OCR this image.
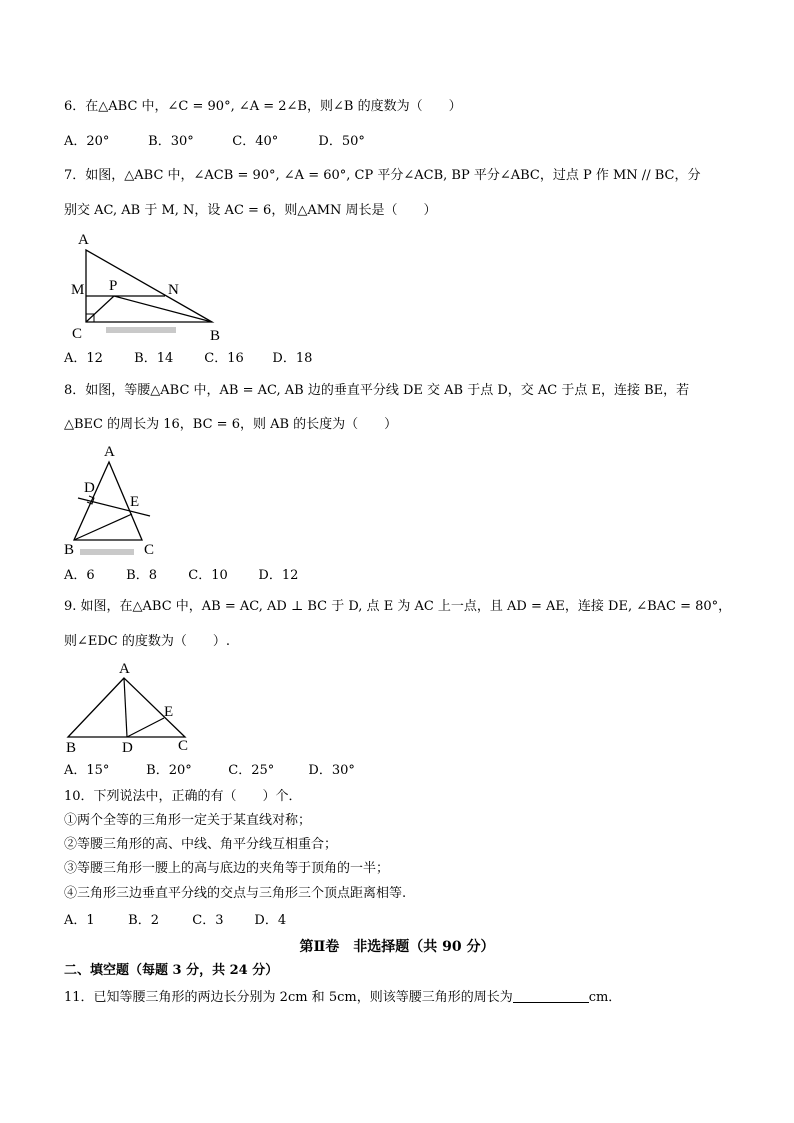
6．在△ABC 中，∠C = 90°, ∠A = 2∠B，则∠B 的度数为（　　）
A．20°	B．30°	C．40°	D．50°
7．如图，△ABC 中，∠ACB = 90°, ∠A = 60°, CP 平分∠ACB, BP 平分∠ABC，过点 P 作 MN // BC，分
别交 AC, AB 于 M, N，设 AC = 6，则△AMN 周长是（　　）
A
M P	N
C	B
A．12 B．14 C．16 D．18
8．如图，等腰△ABC 中，AB = AC, AB 边的垂直平分线 DE 交 AB 于点 D，交 AC 于点 E，连接 BE，若
△BEC 的周长为 16，BC = 6，则 AB 的长度为（　　）
A
D
E
B	C
A．6 B．8 C．10 D．12
9. 如图，在△ABC 中，AB = AC, AD ⊥ BC 于 D, 点 E 为 AC 上一点，且 AD = AE，连接 DE, ∠BAC = 80°，
则∠EDC 的度数为（　　）.
A
E
B	D	C
A．15°	B．20°	C．25°	D．30°
10．下列说法中，正确的有（　　）个．
①两个全等的三角形一定关于某直线对称；
②等腰三角形的高、中线、角平分线互相重合；
③等腰三角形一腰上的高与底边的夹角等于顶角的一半；
④三角形三边垂直平分线的交点与三角形三个顶点距离相等.
A．1	B．2	C．3 D．4
第Ⅱ卷　非选择题（共 90 分）
二、填空题（每题 3 分，共 24 分）
11．已知等腰三角形的两边长分别为 2cm 和 5cm，则该等腰三角形的周长为	cm．
